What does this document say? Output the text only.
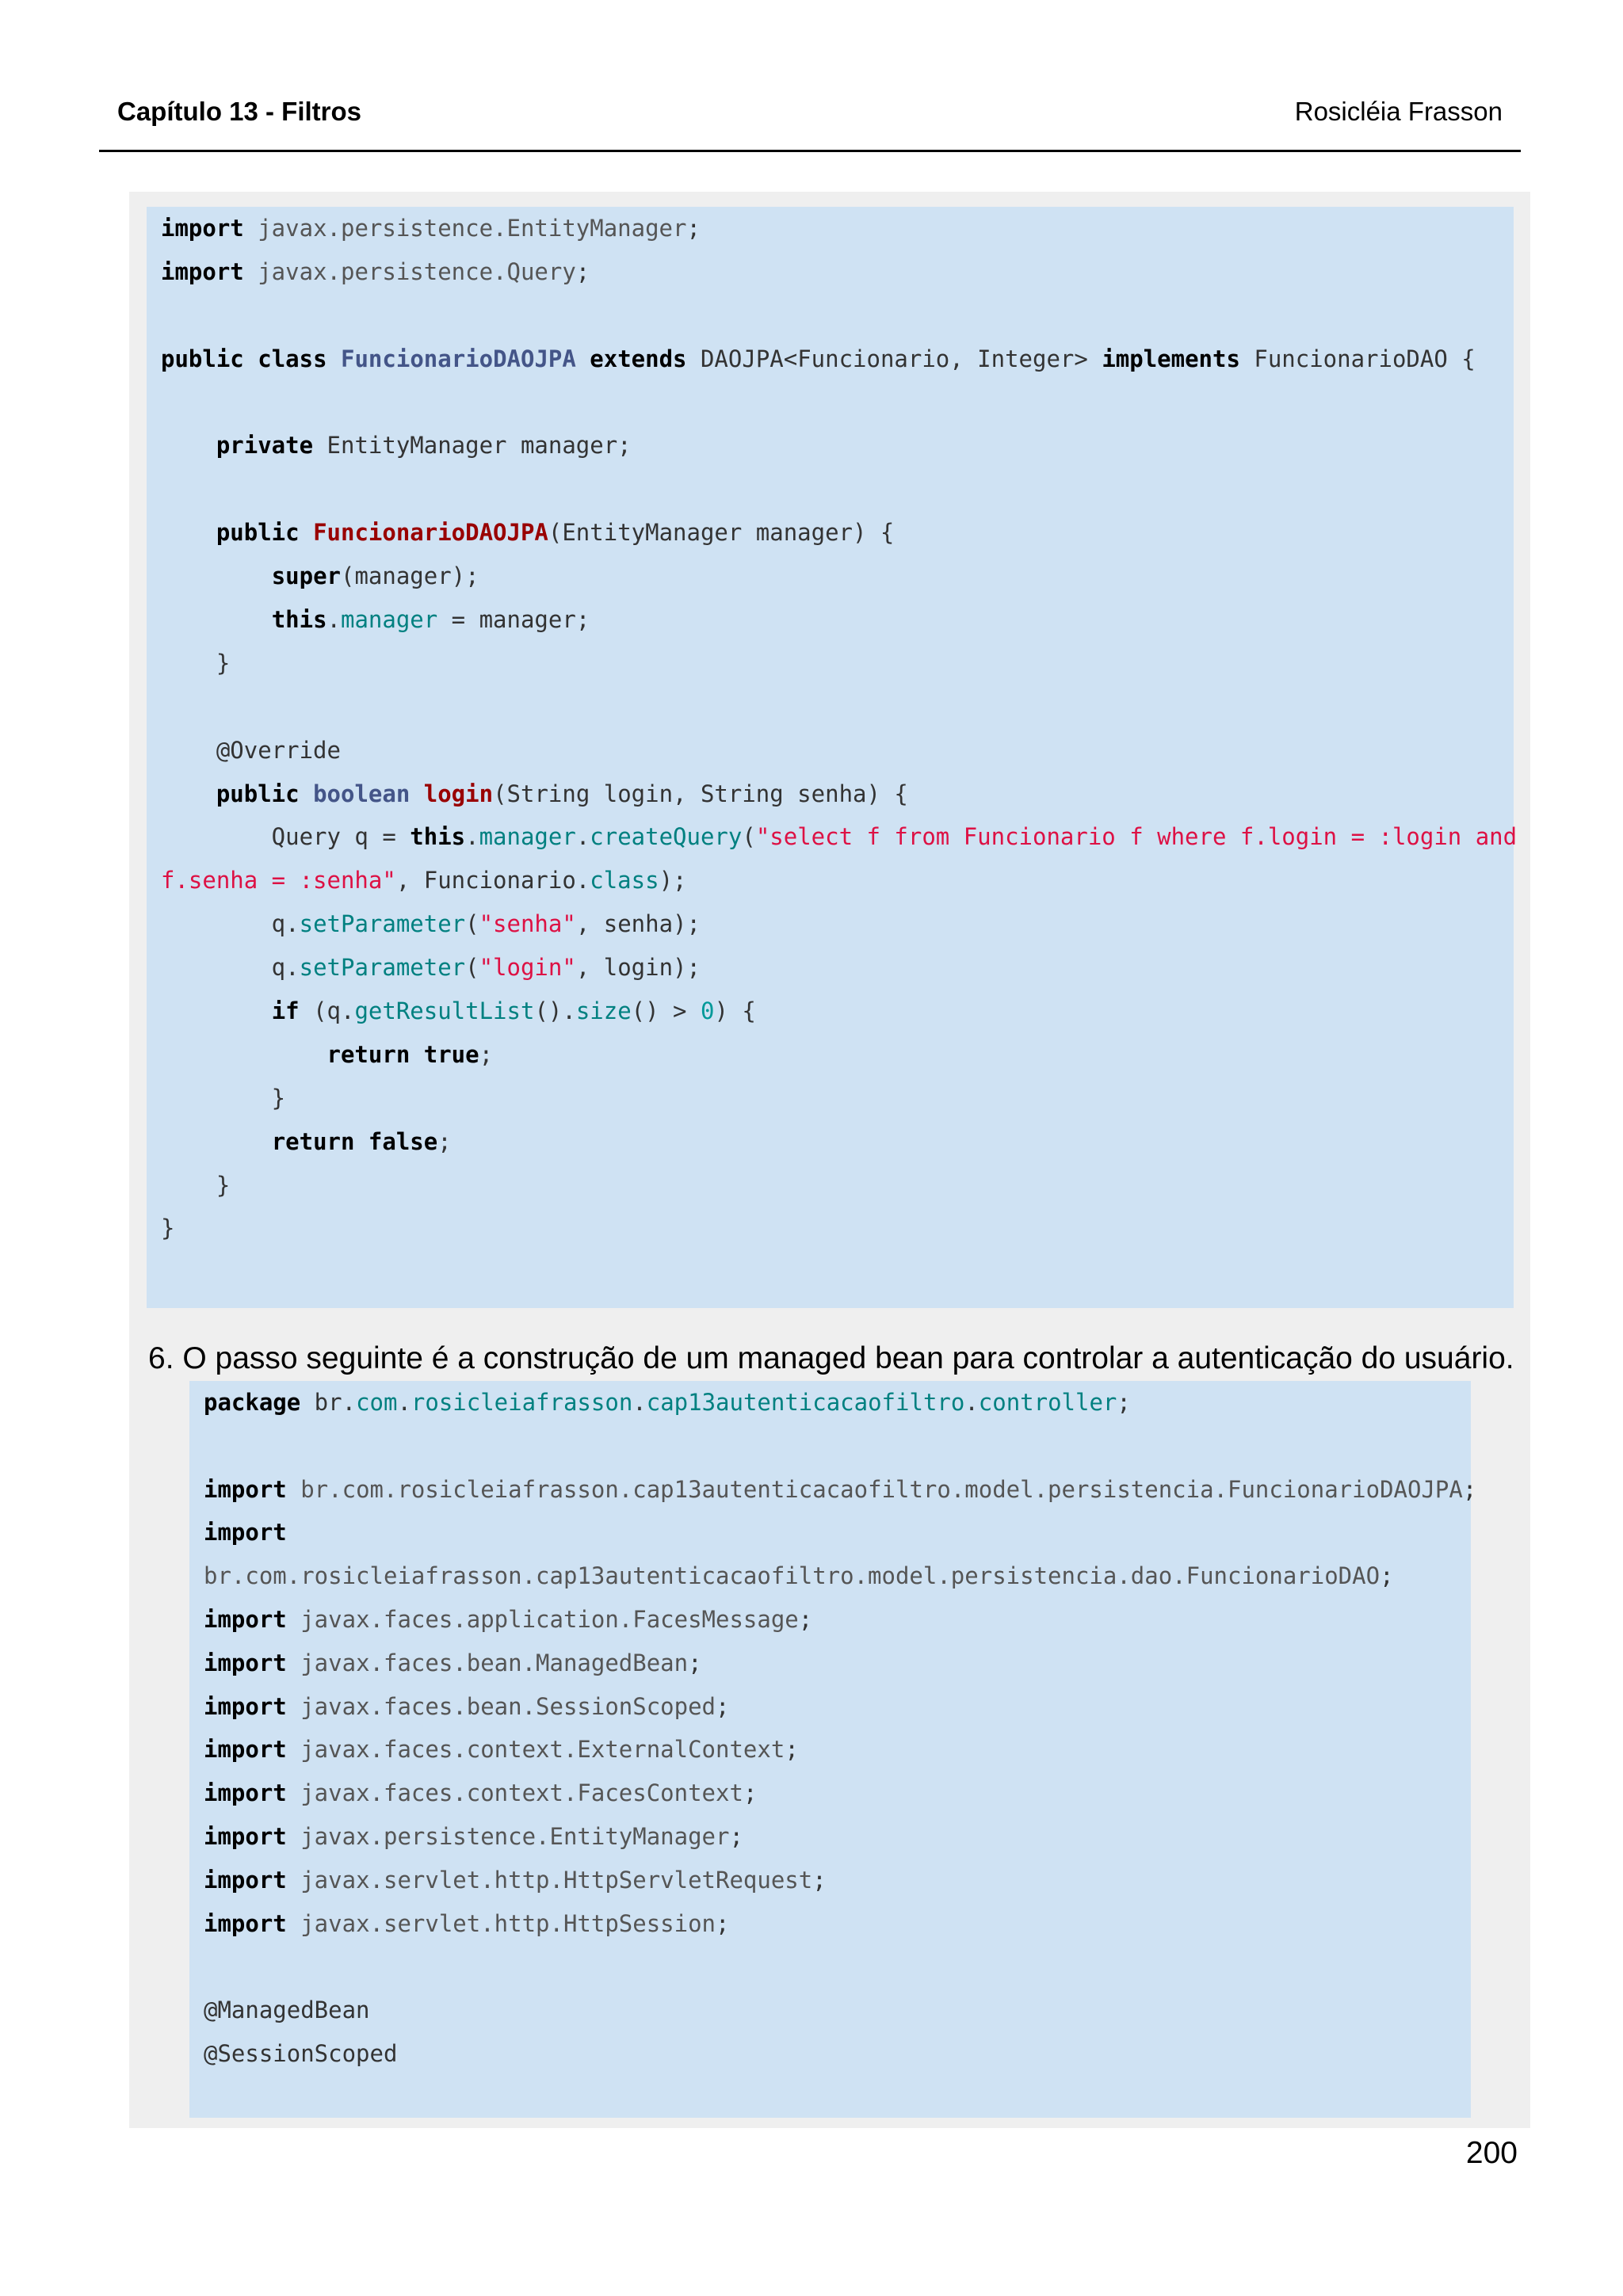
Capítulo 13 - Filtros	Rosicléia Frasson
import javax.persistence.EntityManager;
import javax.persistence.Query;

public class FuncionarioDAOJPA extends DAOJPA<Funcionario, Integer> implements FuncionarioDAO {

private EntityManager manager;

public FuncionarioDAOJPA(EntityManager manager) {
super(manager);
this.manager = manager;
}

@Override
public boolean login(String login, String senha) {
Query q = this.manager.createQuery("select f from Funcionario f where f.login = :login and
f.senha = :senha", Funcionario.class);
q.setParameter("senha", senha);
q.setParameter("login", login);
if (q.getResultList().size() > 0) {
return true;
}
return false;
}
}
6. O passo seguinte é a construção de um managed bean para controlar a autenticação do usuário.
package br.com.rosicleiafrasson.cap13autenticacaofiltro.controller;

import br.com.rosicleiafrasson.cap13autenticacaofiltro.model.persistencia.FuncionarioDAOJPA;
import
br.com.rosicleiafrasson.cap13autenticacaofiltro.model.persistencia.dao.FuncionarioDAO;
import javax.faces.application.FacesMessage;
import javax.faces.bean.ManagedBean;
import javax.faces.bean.SessionScoped;
import javax.faces.context.ExternalContext;
import javax.faces.context.FacesContext;
import javax.persistence.EntityManager;
import javax.servlet.http.HttpServletRequest;
import javax.servlet.http.HttpSession;

@ManagedBean
@SessionScoped
200
